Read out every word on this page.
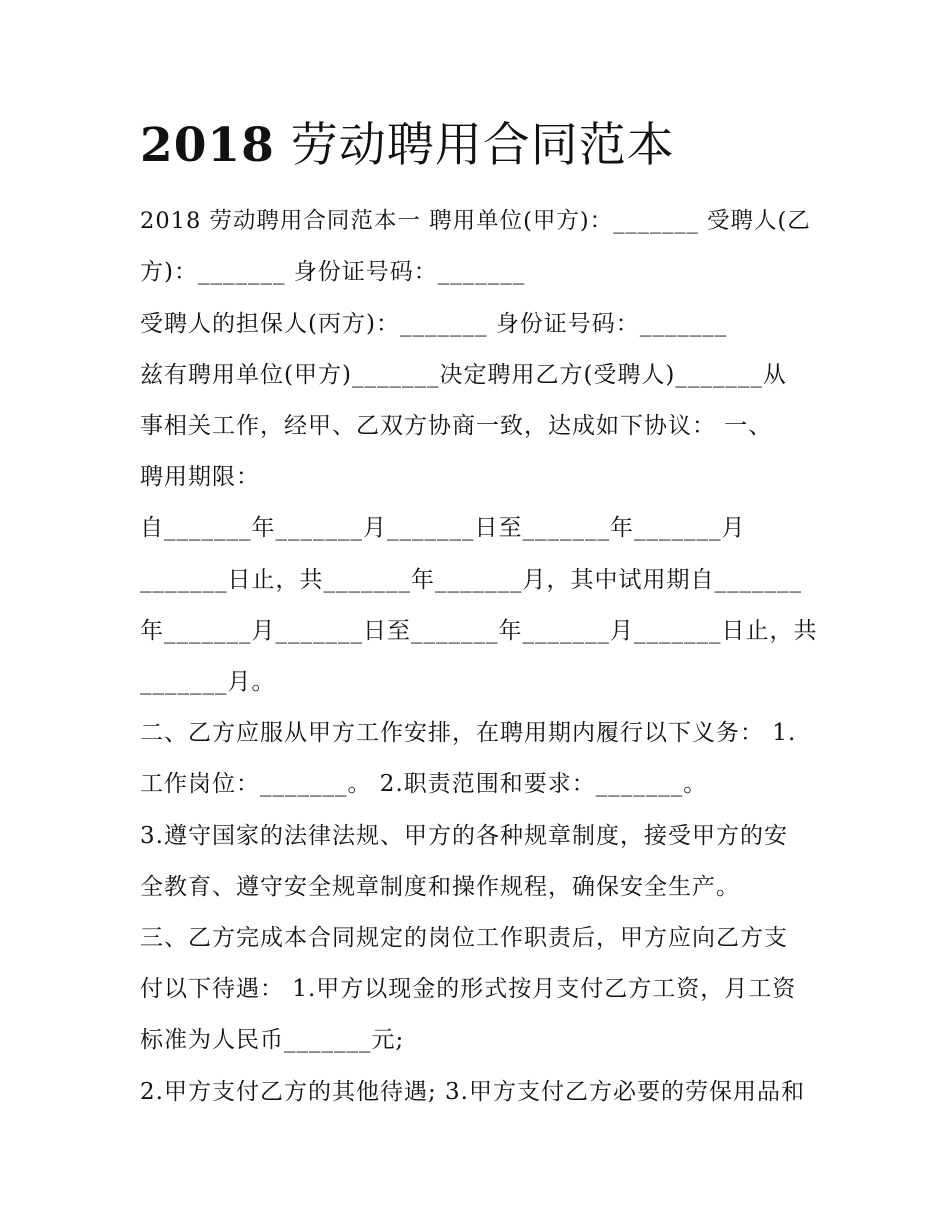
2018 劳动聘用合同范本

2018 劳动聘用合同范本一 聘用单位(甲方)：_______ 受聘人(乙

方)：_______ 身份证号码：_______

受聘人的担保人(丙方)：_______ 身份证号码：_______

兹有聘用单位(甲方)_______决定聘用乙方(受聘人)_______从

事相关工作，经甲、乙双方协商一致，达成如下协议： 一、

聘用期限：

自_______年_______月_______日至_______年_______月

_______日止，共_______年_______月，其中试用期自_______

年_______月_______日至_______年_______月_______日止，共

_______月。

二、乙方应服从甲方工作安排，在聘用期内履行以下义务： 1.

工作岗位：_______。 2.职责范围和要求：_______。

3.遵守国家的法律法规、甲方的各种规章制度，接受甲方的安

全教育、遵守安全规章制度和操作规程，确保安全生产。

三、乙方完成本合同规定的岗位工作职责后，甲方应向乙方支

付以下待遇： 1.甲方以现金的形式按月支付乙方工资，月工资

标准为人民币_______元;

2.甲方支付乙方的其他待遇; 3.甲方支付乙方必要的劳保用品和
